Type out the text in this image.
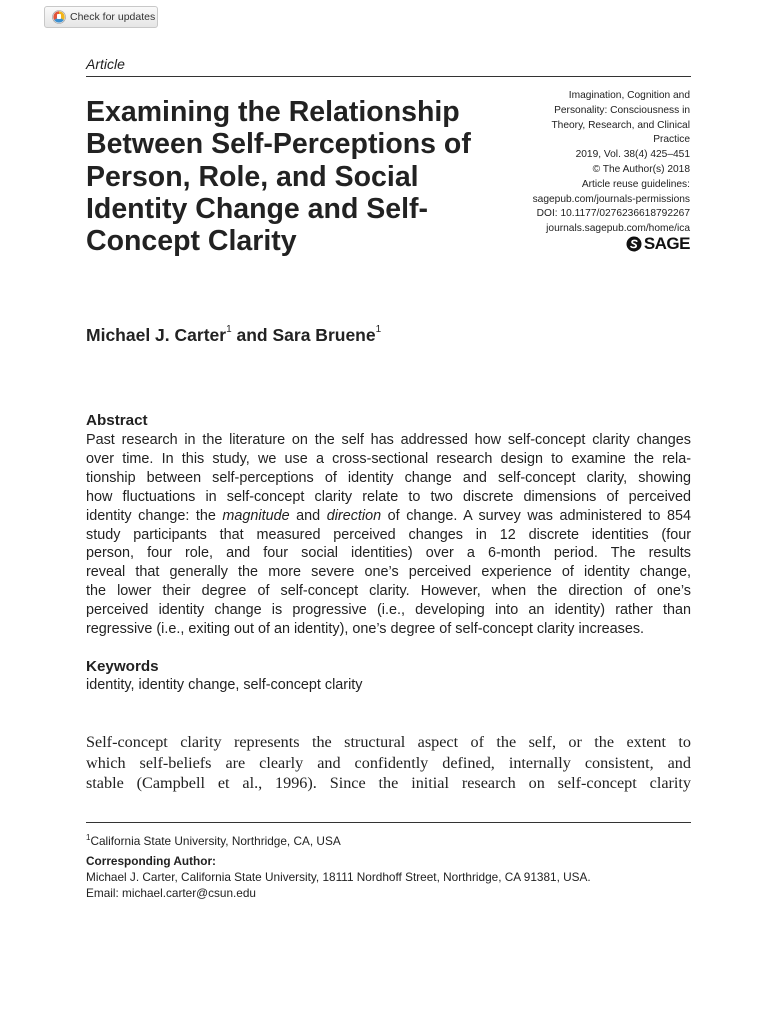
Check for updates
Article
Examining the Relationship Between Self-Perceptions of Person, Role, and Social Identity Change and Self-Concept Clarity
Imagination, Cognition and
Personality: Consciousness in
Theory, Research, and Clinical
Practice
2019, Vol. 38(4) 425–451
© The Author(s) 2018
Article reuse guidelines:
sagepub.com/journals-permissions
DOI: 10.1177/0276236618792267
journals.sagepub.com/home/ica
SAGE
Michael J. Carter$^1$ and Sara Bruene$^1$
Abstract
Past research in the literature on the self has addressed how self-concept clarity changes
over time. In this study, we use a cross-sectional research design to examine the rela-
tionship between self-perceptions of identity change and self-concept clarity, showing
how fluctuations in self-concept clarity relate to two discrete dimensions of perceived
identity change: the magnitude and direction of change. A survey was administered to 854
study participants that measured perceived changes in 12 discrete identities (four
person, four role, and four social identities) over a 6-month period. The results
reveal that generally the more severe one’s perceived experience of identity change,
the lower their degree of self-concept clarity. However, when the direction of one’s
perceived identity change is progressive (i.e., developing into an identity) rather than
regressive (i.e., exiting out of an identity), one’s degree of self-concept clarity increases.
Keywords
identity, identity change, self-concept clarity
Self-concept clarity represents the structural aspect of the self, or the extent to
which self-beliefs are clearly and confidently defined, internally consistent, and
stable (Campbell et al., 1996). Since the initial research on self-concept clarity
$^1$California State University, Northridge, CA, USA
Corresponding Author:
Michael J. Carter, California State University, 18111 Nordhoff Street, Northridge, CA 91381, USA.
Email: michael.carter@csun.edu
